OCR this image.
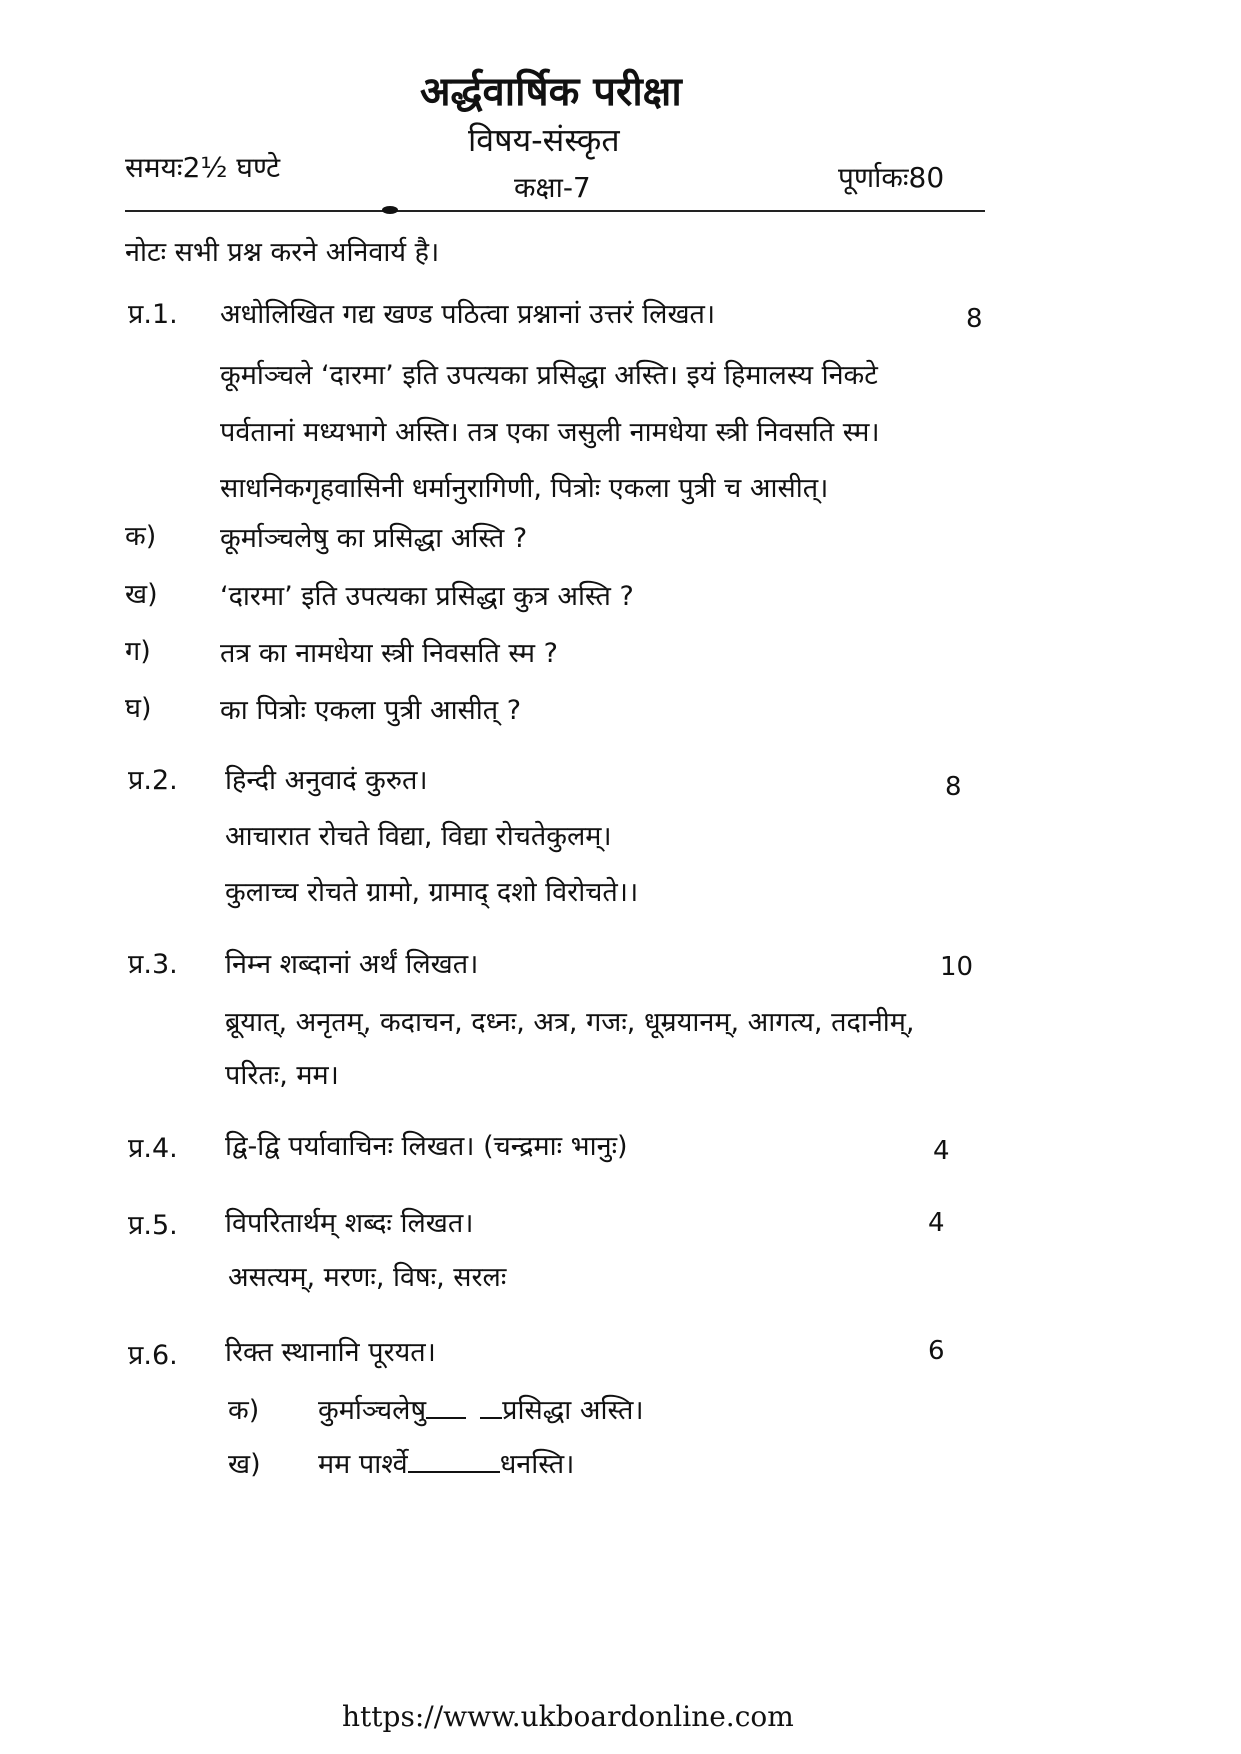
अर्द्धवार्षिक परीक्षा
विषय-संस्कृत
समयः2½ घण्टे
कक्षा-7	पूर्णाकः80
नोटः सभी प्रश्न करने अनिवार्य है।
प्र.1. अधोलिखित गद्य खण्ड पठित्वा प्रश्नानां उत्तरं लिखत।	8
कूर्माञ्चले ‘दारमा’ इति उपत्यका प्रसिद्धा अस्ति। इयं हिमालस्य निकटे
पर्वतानां मध्यभागे अस्ति। तत्र एका जसुली नामधेया स्त्री निवसति स्म।
साधनिकगृहवासिनी धर्मानुरागिणी, पित्रोः एकला पुत्री च आसीत्।
क) कूर्माञ्चलेषु का प्रसिद्धा अस्ति ?
ख) ‘दारमा’ इति उपत्यका प्रसिद्धा कुत्र अस्ति ?
ग)	तत्र का नामधेया स्त्री निवसति स्म ?
घ)	का पित्रोः एकला पुत्री आसीत् ?
प्र.2. हिन्दी अनुवादं कुरुत।	8
आचारात रोचते विद्या, विद्या रोचतेकुलम्।
कुलाच्च रोचते ग्रामो, ग्रामाद् दशो विरोचते।।
प्र.3. निम्न शब्दानां अर्थं लिखत।	10
ब्रूयात्, अनृतम्, कदाचन, दध्नः, अत्र, गजः, धूम्रयानम्, आगत्य, तदानीम्,
परितः, मम।
प्र.4. द्वि-द्वि पर्यावाचिनः लिखत। (चन्द्रमाः भानुः)	4
प्र.5. विपरितार्थम् शब्दः लिखत।	4
असत्यम्, मरणः, विषः, सरलः
प्र.6. रिक्त स्थानानि पूरयत।	6
क) कुर्माञ्चलेषु	प्रसिद्धा अस्ति।
ख) मम पार्श्वे	धनस्ति।
https://www.ukboardonline.com
